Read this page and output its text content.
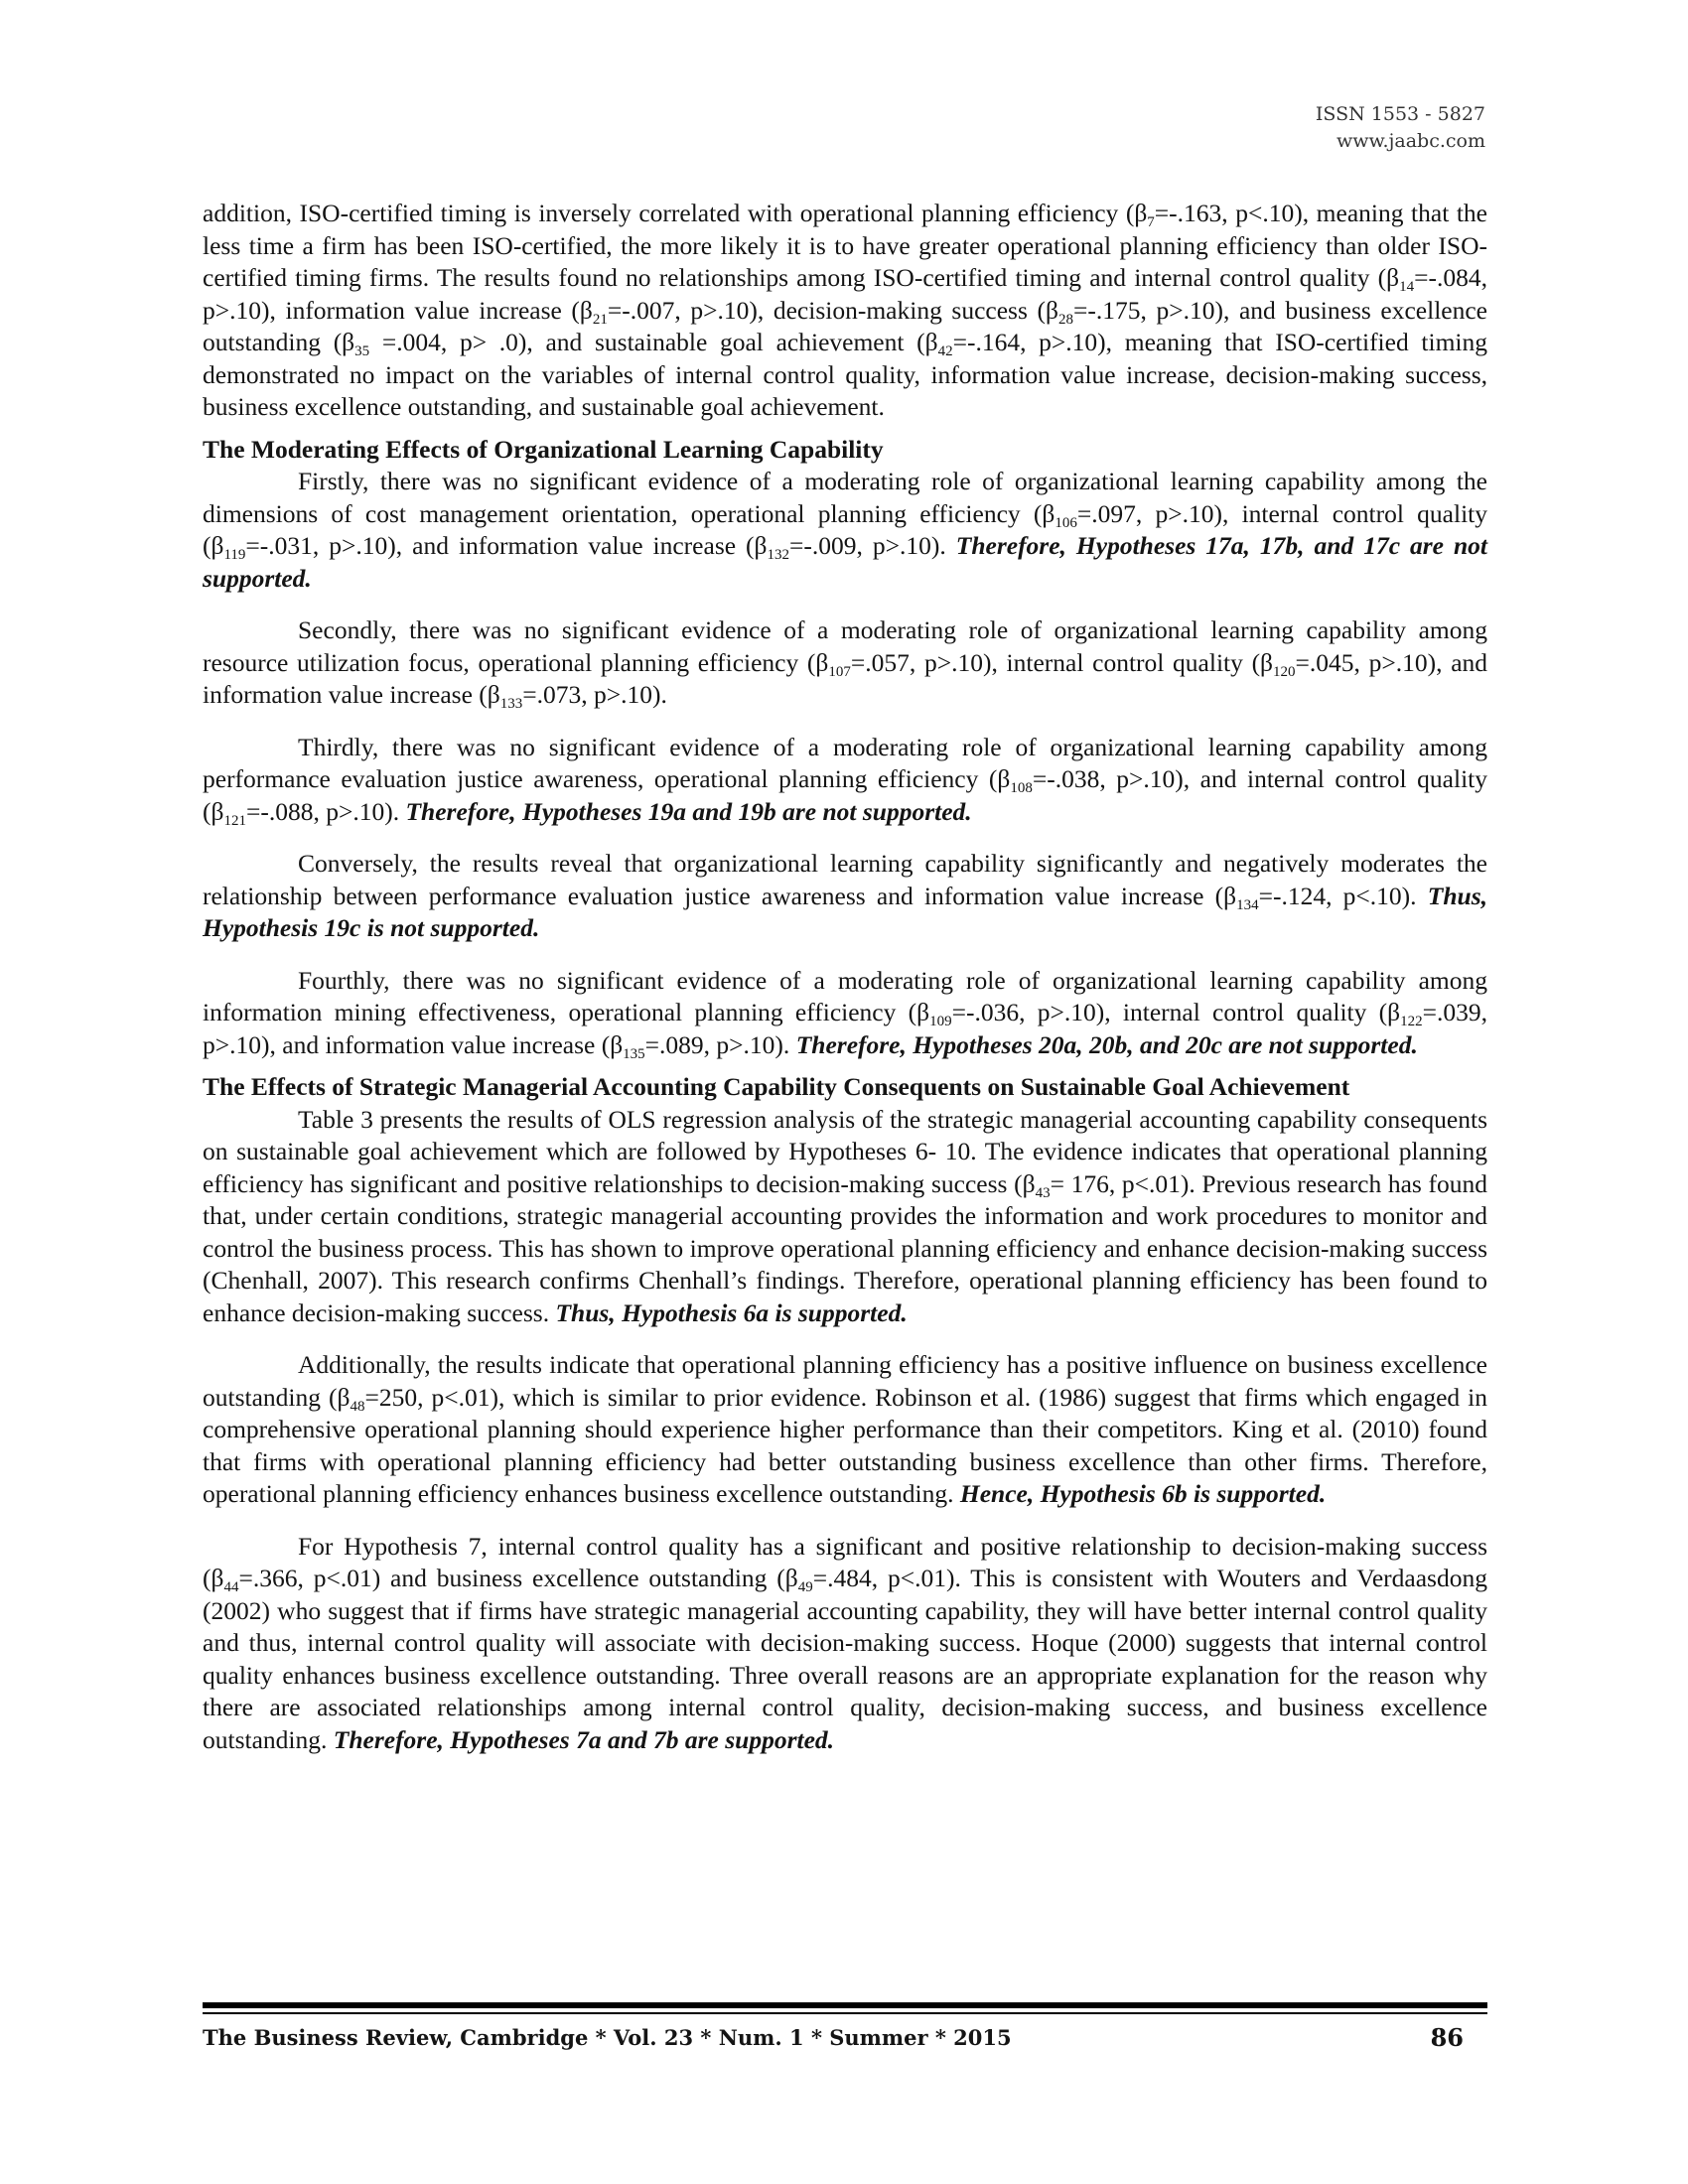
ISSN 1553 - 5827
www.jaabc.com

addition, ISO-certified timing is inversely correlated with operational planning efficiency ($\beta_7=-.163$, p<.10), meaning that the less time a firm has been ISO-certified, the more likely it is to have greater operational planning efficiency than older ISO-certified timing firms. The results found no relationships among ISO-certified timing and internal control quality ($\beta_{14}=-.084$, p>.10), information value increase ($\beta_{21}=-.007$, p>.10), decision-making success ($\beta_{28}=-.175$, p>.10), and business excellence outstanding ($\beta_{35} =.004$, p> .0), and sustainable goal achievement ($\beta_{42}=-.164$, p>.10), meaning that ISO-certified timing demonstrated no impact on the variables of internal control quality, information value increase, decision-making success, business excellence outstanding, and sustainable goal achievement.

The Moderating Effects of Organizational Learning Capability

Firstly, there was no significant evidence of a moderating role of organizational learning capability among the dimensions of cost management orientation, operational planning efficiency ($\beta_{106}=.097$, p>.10), internal control quality ($\beta_{119}=-.031$, p>.10), and information value increase ($\beta_{132}=-.009$, p>.10). Therefore, Hypotheses 17a, 17b, and 17c are not supported.

Secondly, there was no significant evidence of a moderating role of organizational learning capability among resource utilization focus, operational planning efficiency ($\beta_{107}=.057$, p>.10), internal control quality ($\beta_{120}=.045$, p>.10), and information value increase ($\beta_{133}=.073$, p>.10).

Thirdly, there was no significant evidence of a moderating role of organizational learning capability among performance evaluation justice awareness, operational planning efficiency ($\beta_{108}=-.038$, p>.10), and internal control quality ($\beta_{121}=-.088$, p>.10). Therefore, Hypotheses 19a and 19b are not supported.

Conversely, the results reveal that organizational learning capability significantly and negatively moderates the relationship between performance evaluation justice awareness and information value increase ($\beta_{134}=-.124$, p<.10). Thus, Hypothesis 19c is not supported.

Fourthly, there was no significant evidence of a moderating role of organizational learning capability among information mining effectiveness, operational planning efficiency ($\beta_{109}=-.036$, p>.10), internal control quality ($\beta_{122}=.039$, p>.10), and information value increase ($\beta_{135}=.089$, p>.10). Therefore, Hypotheses 20a, 20b, and 20c are not supported.

The Effects of Strategic Managerial Accounting Capability Consequents on Sustainable Goal Achievement

Table 3 presents the results of OLS regression analysis of the strategic managerial accounting capability consequents on sustainable goal achievement which are followed by Hypotheses 6- 10. The evidence indicates that operational planning efficiency has significant and positive relationships to decision-making success ($\beta_{43}= 176$, p<.01). Previous research has found that, under certain conditions, strategic managerial accounting provides the information and work procedures to monitor and control the business process. This has shown to improve operational planning efficiency and enhance decision-making success (Chenhall, 2007). This research confirms Chenhall’s findings. Therefore, operational planning efficiency has been found to enhance decision-making success. Thus, Hypothesis 6a is supported.

Additionally, the results indicate that operational planning efficiency has a positive influence on business excellence outstanding ($\beta_{48}=250$, p<.01), which is similar to prior evidence. Robinson et al. (1986) suggest that firms which engaged in comprehensive operational planning should experience higher performance than their competitors. King et al. (2010) found that firms with operational planning efficiency had better outstanding business excellence than other firms. Therefore, operational planning efficiency enhances business excellence outstanding. Hence, Hypothesis 6b is supported.

For Hypothesis 7, internal control quality has a significant and positive relationship to decision-making success ($\beta_{44}=.366$, p<.01) and business excellence outstanding ($\beta_{49}=.484$, p<.01). This is consistent with Wouters and Verdaasdong (2002) who suggest that if firms have strategic managerial accounting capability, they will have better internal control quality and thus, internal control quality will associate with decision-making success. Hoque (2000) suggests that internal control quality enhances business excellence outstanding. Three overall reasons are an appropriate explanation for the reason why there are associated relationships among internal control quality, decision-making success, and business excellence outstanding. Therefore, Hypotheses 7a and 7b are supported.

The Business Review, Cambridge * Vol. 23 * Num. 1 * Summer * 2015	86
